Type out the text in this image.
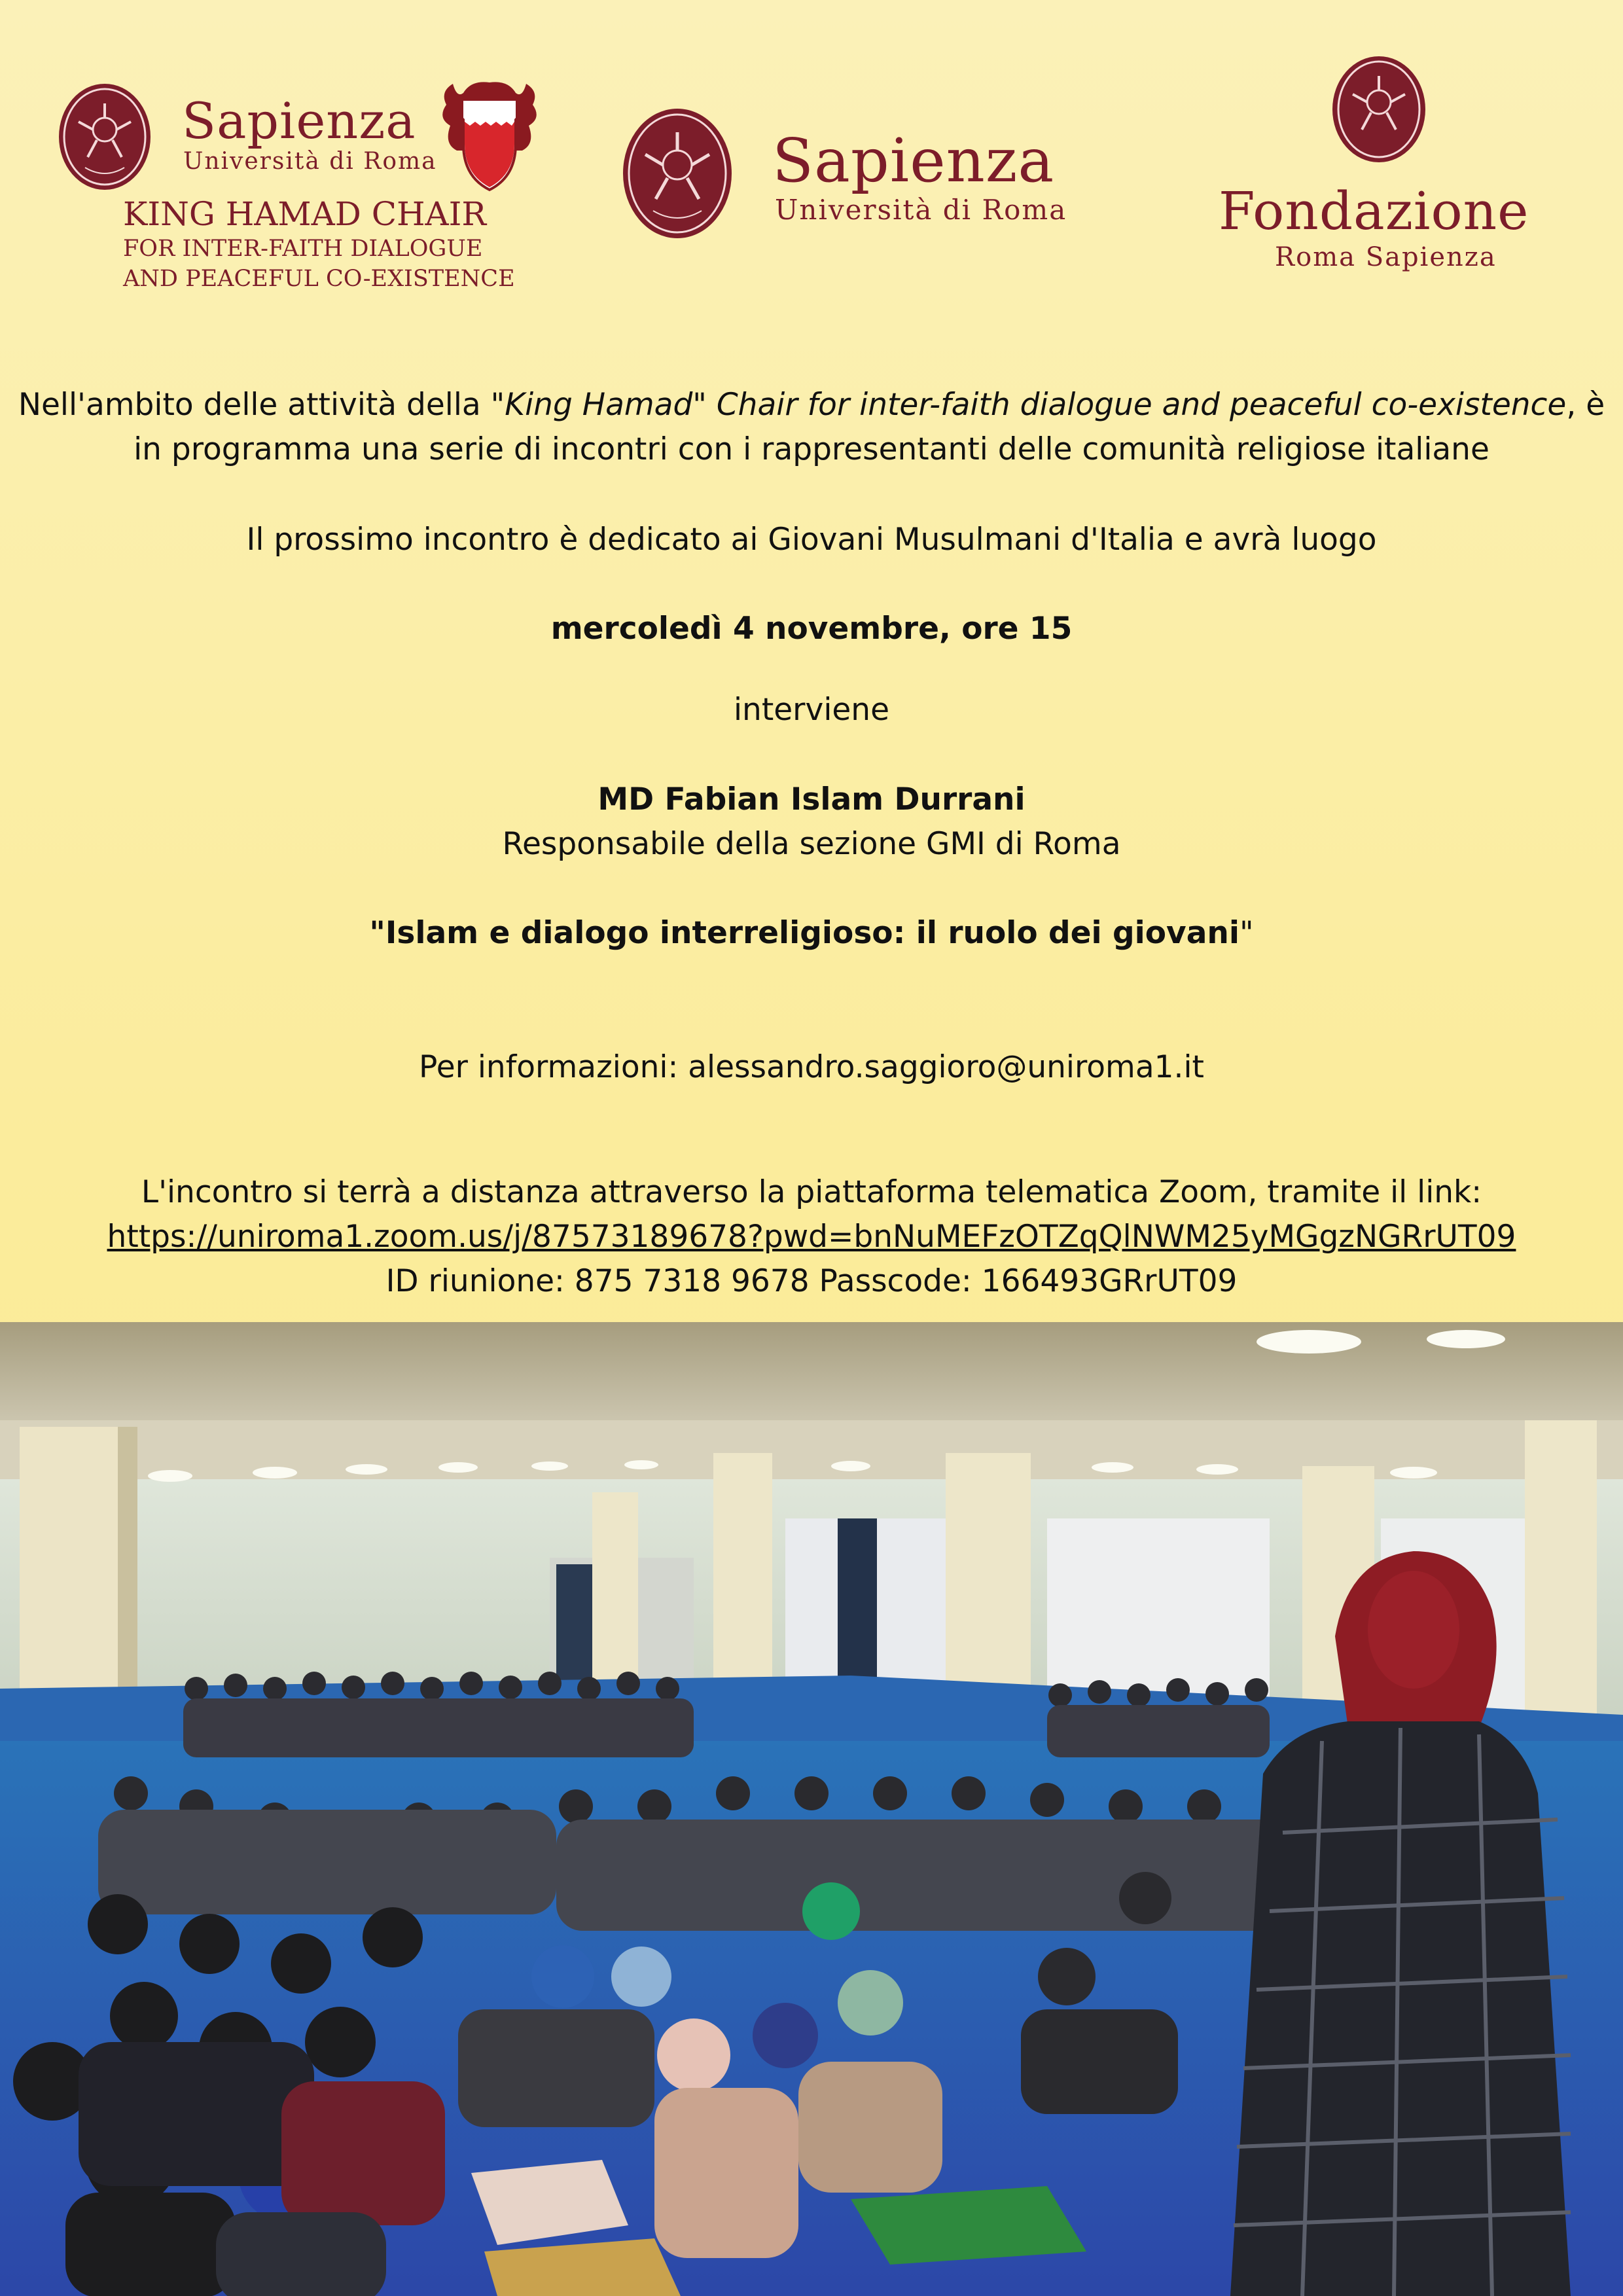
Sapienza
Università di Roma
KING HAMAD CHAIR
FOR INTER-FAITH DIALOGUE
AND PEACEFUL CO-EXISTENCE
Sapienza
Università di Roma	Fondazione
Roma Sapienza
Nell'ambito delle attività della "King Hamad" Chair for inter-faith dialogue and peaceful co-existence, è
in programma una serie di incontri con i rappresentanti delle comunità religiose italiane
Il prossimo incontro è dedicato ai Giovani Musulmani d'Italia e avrà luogo
mercoledì 4 novembre, ore 15
interviene
MD Fabian Islam Durrani
Responsabile della sezione GMI di Roma
"Islam e dialogo interreligioso: il ruolo dei giovani"
Per informazioni: alessandro.saggioro@uniroma1.it
L'incontro si terrà a distanza attraverso la piattaforma telematica Zoom, tramite il link:
https://uniroma1.zoom.us/j/87573189678?pwd=bnNuMEFzOTZqQlNWM25yMGgzNGRrUT09
ID riunione: 875 7318 9678 Passcode: 166493GRrUT09
